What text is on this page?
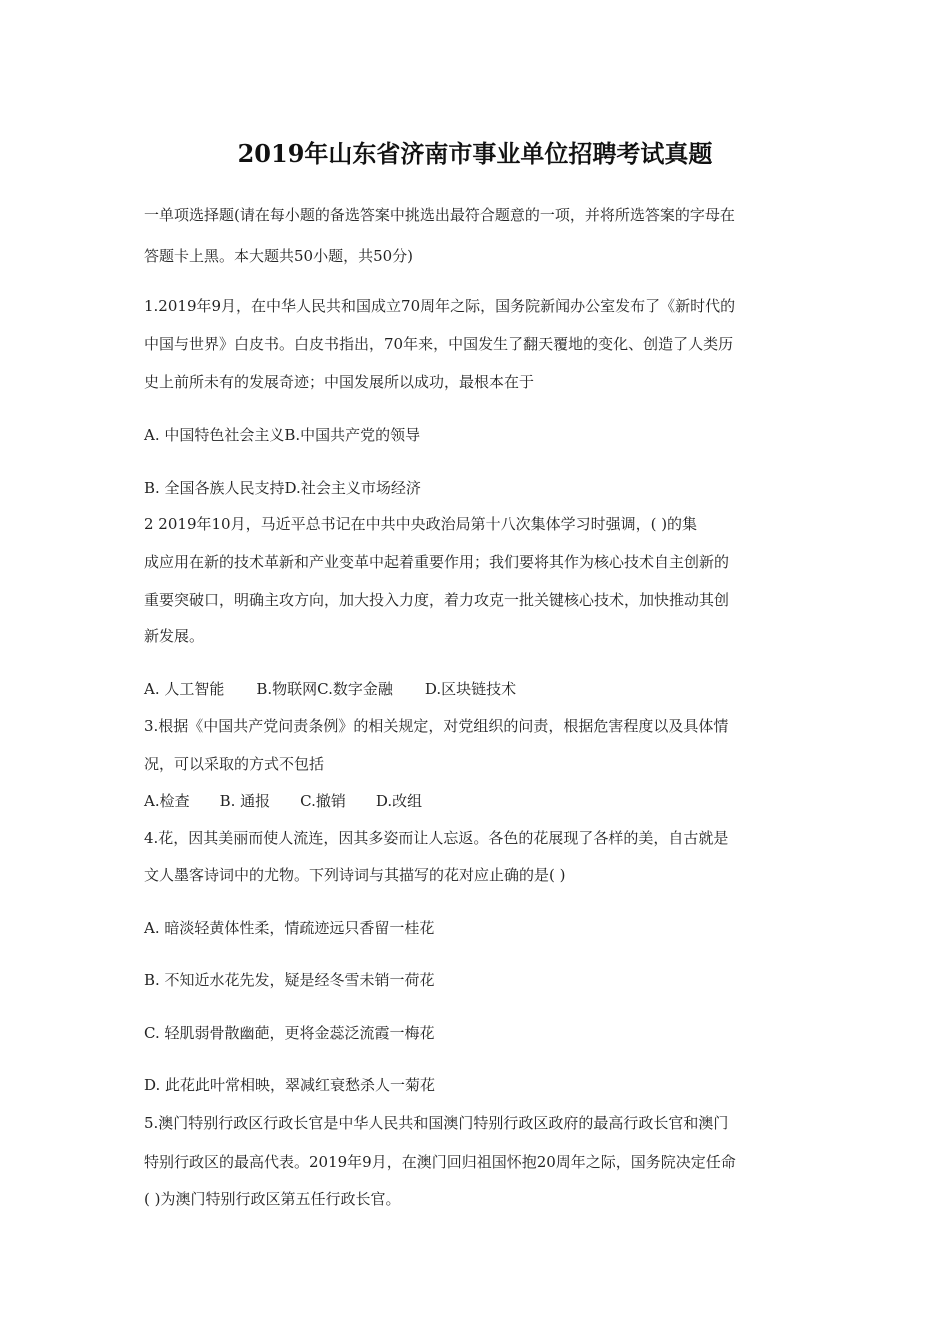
2019年山东省济南市事业单位招聘考试真题
一单项选择题(请在每小题的备选答案中挑选出最符合题意的一项，并将所选答案的字母在
答题卡上黑。本大题共50小题，共50分)
1.2019年9月，在中华人民共和国成立70周年之际，国务院新闻办公室发布了《新时代的
中国与世界》白皮书。白皮书指出，70年来，中国发生了翻天覆地的变化、创造了人类历
史上前所未有的发展奇迹；中国发展所以成功，最根本在于
A. 中国特色社会主义B.中国共产党的领导
B. 全国各族人民支持D.社会主义市场经济
2 2019年10月，马近平总书记在中共中央政治局第十八次集体学习时强调，( )的集
成应用在新的技术革新和产业变革中起着重要作用；我们要将其作为核心技术自主创新的
重要突破口，明确主攻方向，加大投入力度，着力攻克一批关键核心技术，加快推动其创
新发展。
A. 人工智能 B.物联网C.数字金融 D.区块链技术
3.根据《中国共产党问责条例》的相关规定，对党组织的问责，根据危害程度以及具体情
况，可以采取的方式不包括
A.检查 B. 通报 C.撤销 D.改组
4.花，因其美丽而使人流连，因其多姿而让人忘返。各色的花展现了各样的美，自古就是
文人墨客诗词中的尤物。下列诗词与其描写的花对应止确的是( )
A. 暗淡轻黄体性柔，情疏迹远只香留一桂花
B. 不知近水花先发，疑是经冬雪未销一荷花
C. 轻肌弱骨散幽葩，更将金蕊泛流霞一梅花
D. 此花此叶常相映，翠减红衰愁杀人一菊花
5.澳门特别行政区行政长官是中华人民共和国澳门特别行政区政府的最高行政长官和澳门
特别行政区的最高代表。2019年9月，在澳门回归祖国怀抱20周年之际，国务院决定任命
( )为澳门特别行政区第五任行政长官。
